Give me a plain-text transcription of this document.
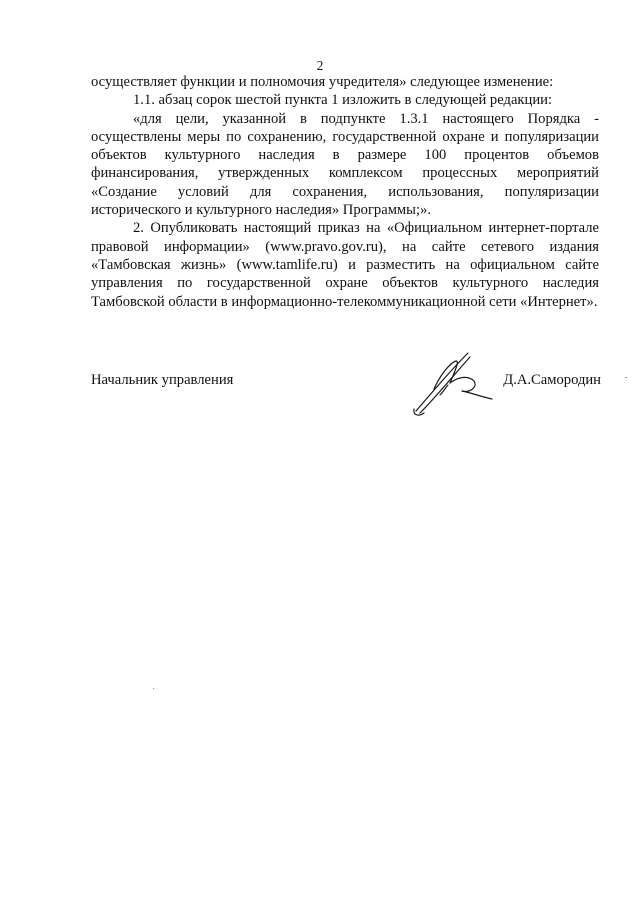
2

осуществляет функции и полномочия учредителя» следующее изменение:

1.1. абзац сорок шестой пункта 1 изложить в следующей редакции:

«для цели, указанной в подпункте 1.3.1 настоящего Порядка - осуществлены меры по сохранению, государственной охране и популяризации объектов культурного наследия в размере 100 процентов объемов финансирования, утвержденных комплексом процессных мероприятий «Создание условий для сохранения, использования, популяризации исторического и культурного наследия» Программы;».

2. Опубликовать настоящий приказ на «Официальном интернет-портале правовой информации» (www.pravo.gov.ru), на сайте сетевого издания «Тамбовская жизнь» (www.tamlife.ru) и разместить на официальном сайте управления по государственной охране объектов культурного наследия Тамбовской области в информационно-телекоммуникационной сети «Интернет».

Начальник управления	Д.А.Самородин
